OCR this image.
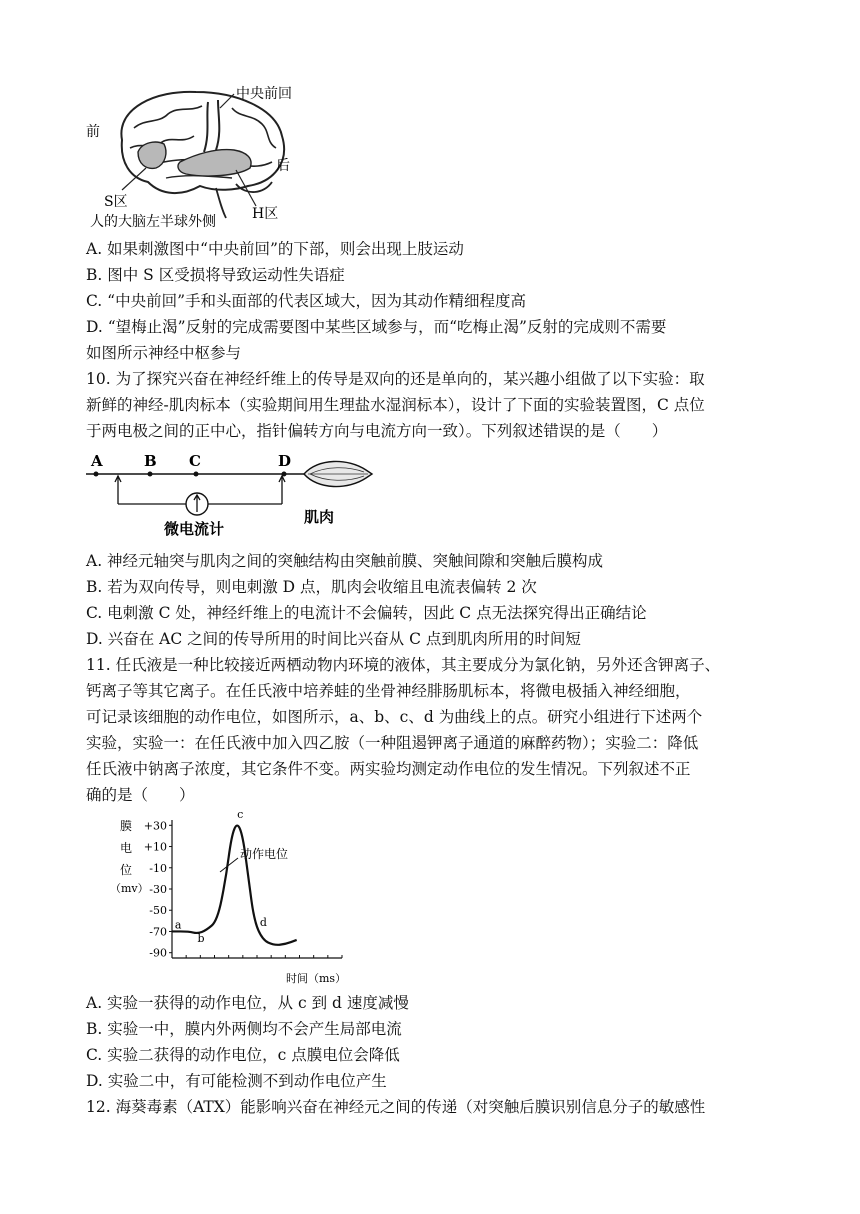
中央前回
前
后
S区
H区
人的大脑左半球外侧
A. 如果刺激图中“中央前回”的下部，则会出现上肢运动
B. 图中 S 区受损将导致运动性失语症
C. “中央前回”手和头面部的代表区域大，因为其动作精细程度高
D. “望梅止渴”反射的完成需要图中某些区域参与，而“吃梅止渴”反射的完成则不需要
如图所示神经中枢参与
10. 为了探究兴奋在神经纤维上的传导是双向的还是单向的，某兴趣小组做了以下实验：取
新鲜的神经-肌肉标本（实验期间用生理盐水湿润标本），设计了下面的实验装置图，C 点位
于两电极之间的正中心，指针偏转方向与电流方向一致）。下列叙述错误的是（　　）
A	B C	D
微电流计
肌肉
A. 神经元轴突与肌肉之间的突触结构由突触前膜、突触间隙和突触后膜构成
B. 若为双向传导，则电刺激 D 点，肌肉会收缩且电流表偏转 2 次
C. 电刺激 C 处，神经纤维上的电流计不会偏转，因此 C 点无法探究得出正确结论
D. 兴奋在 AC 之间的传导所用的时间比兴奋从 C 点到肌肉所用的时间短
11. 任氏液是一种比较接近两栖动物内环境的液体，其主要成分为氯化钠，另外还含钾离子、
钙离子等其它离子。在任氏液中培养蛙的坐骨神经腓肠肌标本，将微电极插入神经细胞，
可记录该细胞的动作电位，如图所示，a、b、c、d 为曲线上的点。研究小组进行下述两个
实验，实验一：在任氏液中加入四乙胺（一种阻遏钾离子通道的麻醉药物）；实验二：降低
任氏液中钠离子浓度，其它条件不变。两实验均测定动作电位的发生情况。下列叙述不正
确的是（　　）
膜
电
位
（mv）
动作电位
时间（ms）
+30
+10
-10
-30
-50
-70
-90
a
b
c
d
A. 实验一获得的动作电位，从 c 到 d 速度减慢
B. 实验一中，膜内外两侧均不会产生局部电流
C. 实验二获得的动作电位，c 点膜电位会降低
D. 实验二中，有可能检测不到动作电位产生
12. 海葵毒素（ATX）能影响兴奋在神经元之间的传递（对突触后膜识别信息分子的敏感性
